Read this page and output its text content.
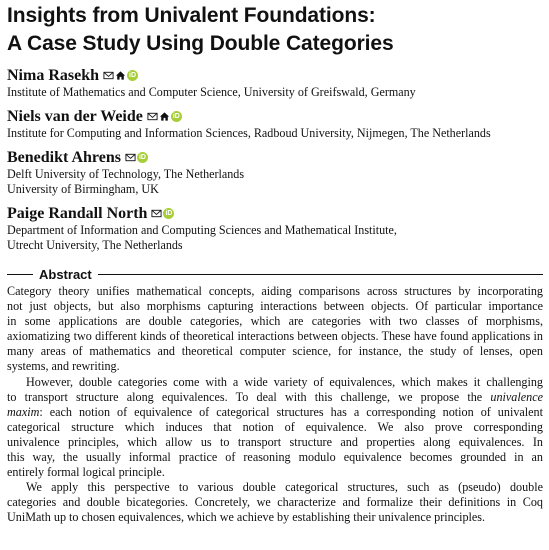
Insights from Univalent Foundations:
A Case Study Using Double Categories
Nima Rasekh	iD
Institute of Mathematics and Computer Science, University of Greifswald, Germany
Niels van der Weide	iD
Institute for Computing and Information Sciences, Radboud University, Nijmegen, The Netherlands
Benedikt Ahrens	iD
Delft University of Technology, The Netherlands
University of Birmingham, UK
Paige Randall North	iD
Department of Information and Computing Sciences and Mathematical Institute,
Utrecht University, The Netherlands
Abstract

Category theory unifies mathematical concepts, aiding comparisons across structures by incorporating
not just objects, but also morphisms capturing interactions between objects. Of particular importance
in some applications are double categories, which are categories with two classes of morphisms,
axiomatizing two different kinds of theoretical interactions between objects. These have found applications in
many areas of mathematics and theoretical computer science, for instance, the study of lenses, open
systems, and rewriting.

However, double categories come with a wide variety of equivalences, which makes it challenging
to transport structure along equivalences. To deal with this challenge, we propose the univalence
maxim: each notion of equivalence of categorical structures has a corresponding notion of univalent
categorical structure which induces that notion of equivalence. We also prove corresponding
univalence principles, which allow us to transport structure and properties along equivalences. In
this way, the usually informal practice of reasoning modulo equivalence becomes grounded in an
entirely formal logical principle.

We apply this perspective to various double categorical structures, such as (pseudo) double
categories and double bicategories. Concretely, we characterize and formalize their definitions in Coq
UniMath up to chosen equivalences, which we achieve by establishing their univalence principles.
